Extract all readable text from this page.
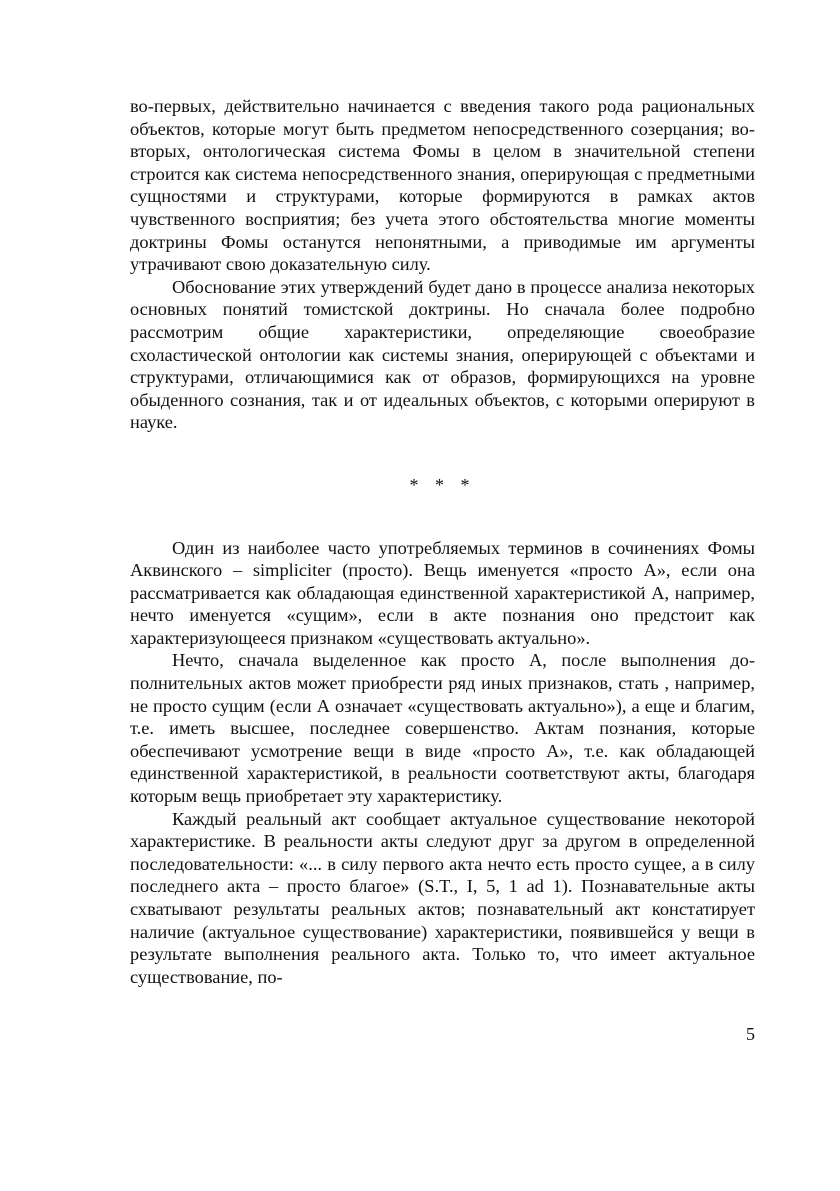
во-первых, действительно начинается с введения такого рода рациональных объектов, которые могут быть предметом непосредственного созерцания; во-вторых, онтологическая система Фомы в целом в значительной степени строится как система непосредственного знания, оперирующая с предметными сущностями и структурами, которые формируются в рамках актов чувственного восприятия; без учета этого обстоятельства многие моменты доктрины Фомы останутся непонятными, а приводимые им аргументы утрачивают свою доказательную силу.

Обоснование этих утверждений будет дано в процессе анализа некоторых основных понятий томистской доктрины. Но сначала более подробно рассмотрим общие характеристики, определяющие своеобразие схоластической онтологии как системы знания, оперирующей с объектами и структурами, отличающимися как от образов, формирующихся на уровне обыденного сознания, так и от идеальных объектов, с которыми оперируют в науке.

* * *

Один из наиболее часто употребляемых терминов в сочинениях Фомы Аквинского – simpliciter (просто). Вещь именуется «просто А», если она рассматривается как обладающая единственной характеристикой А, например, нечто именуется «сущим», если в акте познания оно предстоит как характеризующееся признаком «существовать актуально».

Нечто, сначала выделенное как просто А, после выполнения дополнительных актов может приобрести ряд иных признаков, стать , например, не просто сущим (если А означает «существовать актуально»), а еще и благим, т.е. иметь высшее, последнее совершенство. Актам познания, которые обеспечивают усмотрение вещи в виде «просто А», т.е. как обладающей единственной характеристикой, в реальности соответствуют акты, благодаря которым вещь приобретает эту характеристику.

Каждый реальный акт сообщает актуальное существование некоторой характеристике. В реальности акты следуют друг за другом в определенной последовательности: «... в силу первого акта нечто есть просто сущее, а в силу последнего акта – просто благое» (S.T., I, 5, 1 ad 1). Познавательные акты схватывают результаты реальных актов; познавательный акт констатирует наличие (актуальное существование) характеристики, появившейся у вещи в результате выполнения реального акта. Только то, что имеет актуальное существование, по-

5
